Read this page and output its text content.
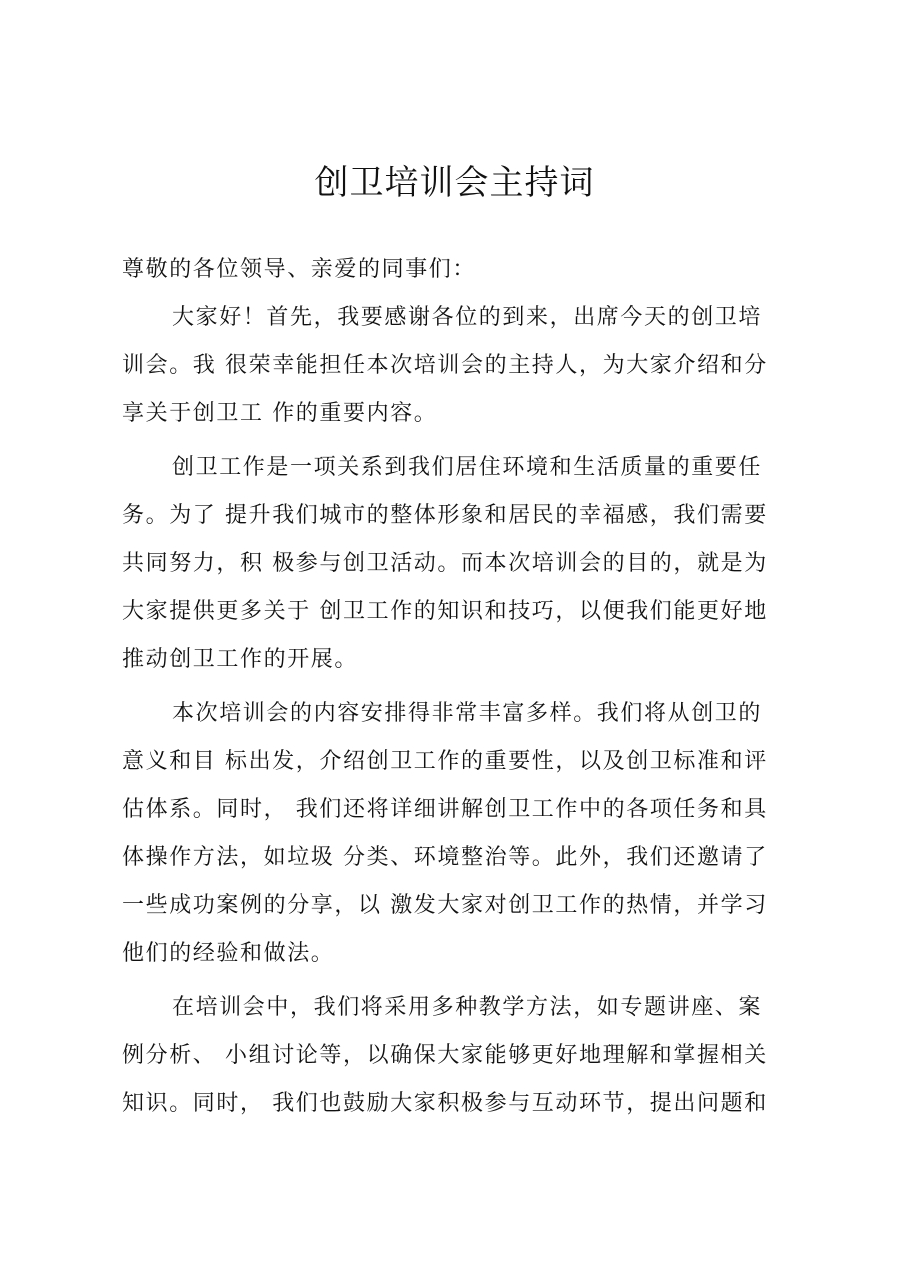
创卫培训会主持词
尊敬的各位领导、亲爱的同事们：
大家好！首先，我要感谢各位的到来，出席今天的创卫培
训会。我 很荣幸能担任本次培训会的主持人，为大家介绍和分
享关于创卫工 作的重要内容。
创卫工作是一项关系到我们居住环境和生活质量的重要任
务。为了 提升我们城市的整体形象和居民的幸福感，我们需要
共同努力，积 极参与创卫活动。而本次培训会的目的，就是为
大家提供更多关于 创卫工作的知识和技巧，以便我们能更好地
推动创卫工作的开展。
本次培训会的内容安排得非常丰富多样。我们将从创卫的
意义和目 标出发，介绍创卫工作的重要性，以及创卫标准和评
估体系。同时， 我们还将详细讲解创卫工作中的各项任务和具
体操作方法，如垃圾 分类、环境整治等。此外，我们还邀请了
一些成功案例的分享，以 激发大家对创卫工作的热情，并学习
他们的经验和做法。
在培训会中，我们将采用多种教学方法，如专题讲座、案
例分析、 小组讨论等，以确保大家能够更好地理解和掌握相关
知识。同时， 我们也鼓励大家积极参与互动环节，提出问题和
